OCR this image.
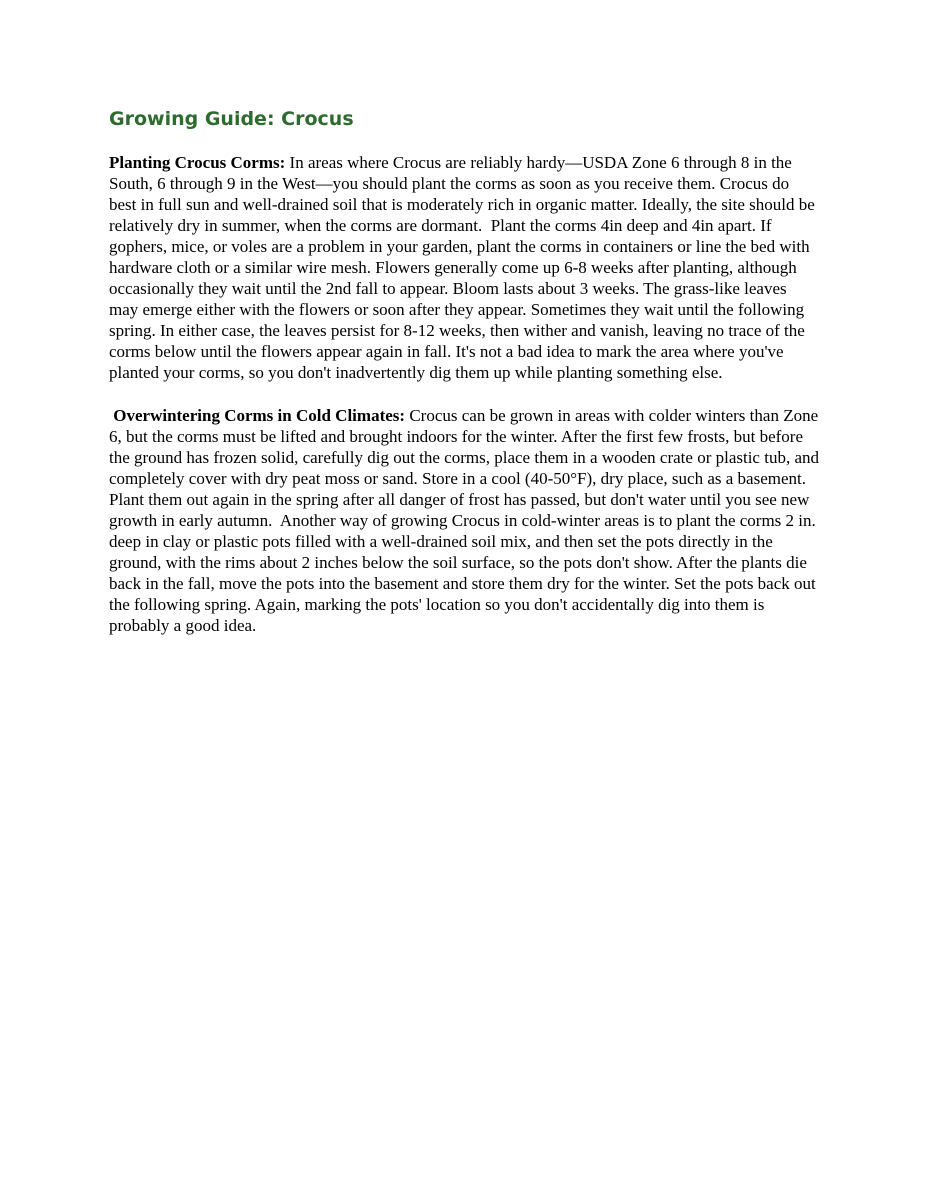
Growing Guide: Crocus

Planting Crocus Corms: In areas where Crocus are reliably hardy—USDA Zone 6 through 8 in the South, 6 through 9 in the West—you should plant the corms as soon as you receive them. Crocus do best in full sun and well-drained soil that is moderately rich in organic matter. Ideally, the site should be relatively dry in summer, when the corms are dormant.  Plant the corms 4in deep and 4in apart. If gophers, mice, or voles are a problem in your garden, plant the corms in containers or line the bed with hardware cloth or a similar wire mesh. Flowers generally come up 6-8 weeks after planting, although occasionally they wait until the 2nd fall to appear. Bloom lasts about 3 weeks. The grass-like leaves may emerge either with the flowers or soon after they appear. Sometimes they wait until the following spring. In either case, the leaves persist for 8-12 weeks, then wither and vanish, leaving no trace of the corms below until the flowers appear again in fall. It's not a bad idea to mark the area where you've planted your corms, so you don't inadvertently dig them up while planting something else.

Overwintering Corms in Cold Climates: Crocus can be grown in areas with colder winters than Zone 6, but the corms must be lifted and brought indoors for the winter. After the first few frosts, but before the ground has frozen solid, carefully dig out the corms, place them in a wooden crate or plastic tub, and completely cover with dry peat moss or sand. Store in a cool (40-50°F), dry place, such as a basement. Plant them out again in the spring after all danger of frost has passed, but don't water until you see new growth in early autumn.  Another way of growing Crocus in cold-winter areas is to plant the corms 2 in. deep in clay or plastic pots filled with a well-drained soil mix, and then set the pots directly in the ground, with the rims about 2 inches below the soil surface, so the pots don't show. After the plants die back in the fall, move the pots into the basement and store them dry for the winter. Set the pots back out the following spring. Again, marking the pots' location so you don't accidentally dig into them is probably a good idea.
